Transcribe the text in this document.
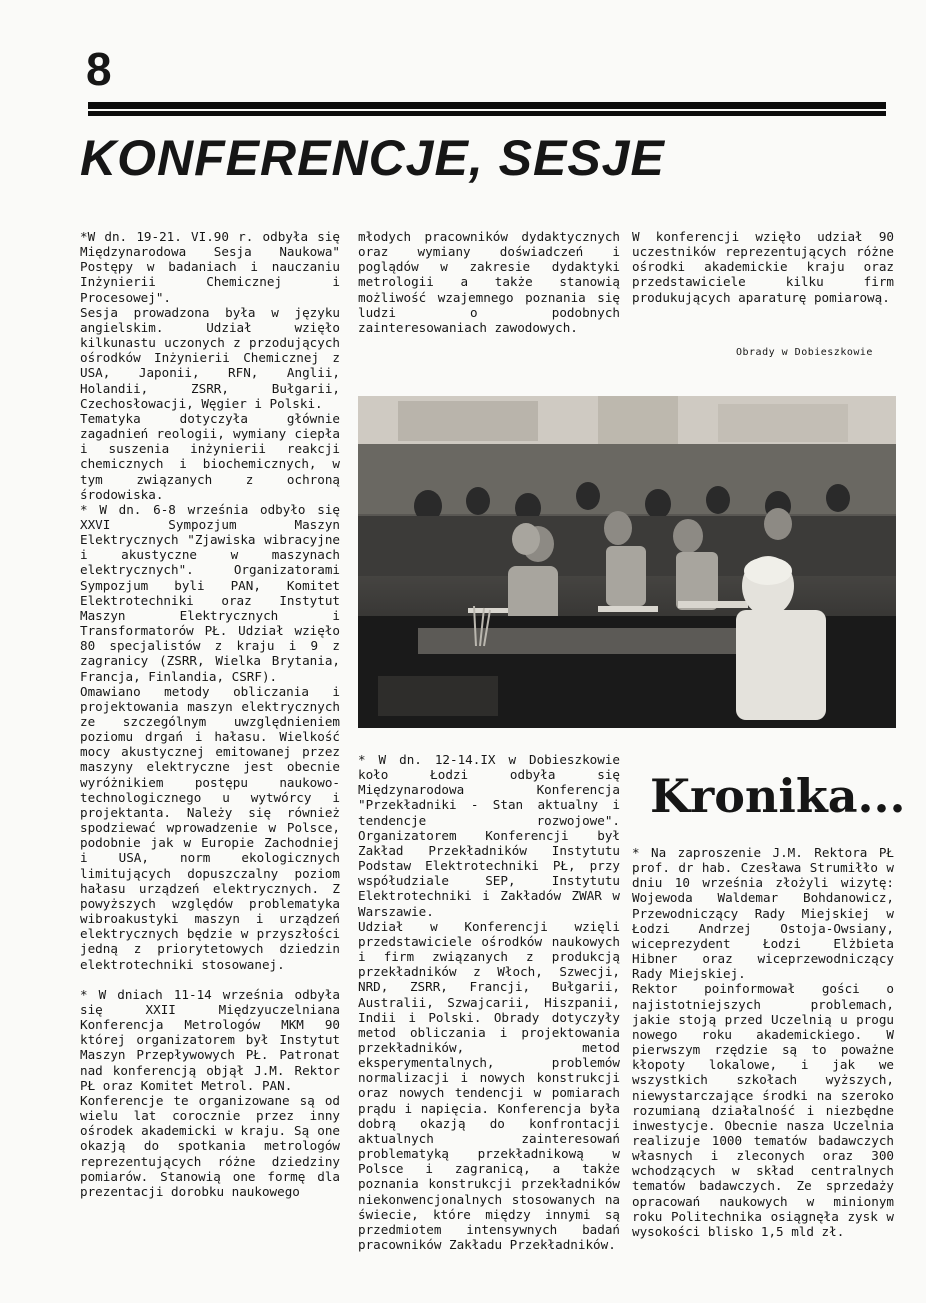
8
KONFERENCJE, SESJE
*W dn. 19-21. VI.90 r. odbyła się Międzynarodowa Sesja Naukowa" Postępy w badaniach i nauczaniu Inżynierii Chemicznej i Procesowej".
Sesja prowadzona była w języku angielskim. Udział wzięło kilkunastu uczonych z przodujących ośrodków Inżynierii Chemicznej z USA, Japonii, RFN, Anglii, Holandii, ZSRR, Bułgarii, Czechosłowacji, Węgier i Polski.
Tematyka dotyczyła głównie zagadnień reologii, wymiany ciepła i suszenia inżynierii reakcji chemicznych i biochemicznych, w tym związanych z ochroną środowiska.
* W dn. 6-8 września odbyło się XXVI Sympozjum Maszyn Elektrycznych "Zjawiska wibracyjne i akustyczne w maszynach elektrycznych". Organizatorami Sympozjum byli PAN, Komitet Elektrotechniki oraz Instytut Maszyn Elektrycznych i Transformatorów PŁ. Udział wzięło 80 specjalistów z kraju i 9 z zagranicy (ZSRR, Wielka Brytania, Francja, Finlandia, CSRF).
Omawiano metody obliczania i projektowania maszyn elektrycznych ze szczególnym uwzględnieniem poziomu drgań i hałasu. Wielkość mocy akustycznej emitowanej przez maszyny elektryczne jest obecnie wyróżnikiem postępu naukowo-technologicznego u wytwórcy i projektanta. Należy się również spodziewać wprowadzenie w Polsce, podobnie jak w Europie Zachodniej i USA, norm ekologicznych limitujących dopuszczalny poziom hałasu urządzeń elektrycznych. Z powyższych względów problematyka wibroakustyki maszyn i urządzeń elektrycznych będzie w przyszłości jedną z priorytetowych dziedzin elektrotechniki stosowanej.

* W dniach 11-14 września odbyła się XXII Międzyuczelniana Konferencja Metrologów MKM 90 której organizatorem był Instytut Maszyn Przepływowych PŁ. Patronat nad konferencją objął J.M. Rektor PŁ oraz Komitet Metrol. PAN.
Konferencje te organizowane są od wielu lat corocznie przez inny ośrodek akademicki w kraju. Są one okazją do spotkania metrologów reprezentujących różne dziedziny pomiarów. Stanowią one formę dla prezentacji dorobku naukowego
młodych pracowników dydaktycznych oraz wymiany doświadczeń i poglądów w zakresie dydaktyki metrologii a także stanowią możliwość wzajemnego poznania się ludzi o podobnych zainteresowaniach zawodowych.
W konferencji wzięło udział 90 uczestników reprezentujących różne ośrodki akademickie kraju oraz przedstawiciele kilku firm produkujących aparaturę pomiarową.
Obrady w Dobieszkowie
* W dn. 12-14.IX w Dobieszkowie koło Łodzi odbyła się Międzynarodowa Konferencja "Przekładniki - Stan aktualny i tendencje rozwojowe". Organizatorem Konferencji był Zakład Przekładników Instytutu Podstaw Elektrotechniki PŁ, przy współudziale SEP, Instytutu Elektrotechniki i Zakładów ZWAR w Warszawie.
Udział w Konferencji wzięli przedstawiciele ośrodków naukowych i firm związanych z produkcją przekładników z Włoch, Szwecji, NRD, ZSRR, Francji, Bułgarii, Australii, Szwajcarii, Hiszpanii, Indii i Polski. Obrady dotyczyły metod obliczania i projektowania przekładników, metod eksperymentalnych, problemów normalizacji i nowych konstrukcji oraz nowych tendencji w pomiarach prądu i napięcia. Konferencja była dobrą okazją do konfrontacji aktualnych zainteresowań problematyką przekładnikową w Polsce i zagranicą, a także poznania konstrukcji przekładników niekonwencjonalnych stosowanych na świecie, które między innymi są przedmiotem intensywnych badań pracowników Zakładu Przekładników.
Kronika...
* Na zaproszenie J.M. Rektora PŁ prof. dr hab. Czesława Strumiłło w dniu 10 września złożyli wizytę: Wojewoda Waldemar Bohdanowicz, Przewodniczący Rady Miejskiej w Łodzi Andrzej Ostoja-Owsiany, wiceprezydent Łodzi Elżbieta Hibner oraz wiceprzewodniczący Rady Miejskiej.
Rektor poinformował gości o najistotniejszych problemach, jakie stoją przed Uczelnią u progu nowego roku akademickiego. W pierwszym rzędzie są to poważne kłopoty lokalowe, i jak we wszystkich szkołach wyższych, niewystarczające środki na szeroko rozumianą działalność i niezbędne inwestycje. Obecnie nasza Uczelnia realizuje 1000 tematów badawczych własnych i zleconych oraz 300 wchodzących w skład centralnych tematów badawczych. Ze sprzedaży opracowań naukowych w minionym roku Politechnika osiągnęła zysk w wysokości blisko 1,5 mld zł.
